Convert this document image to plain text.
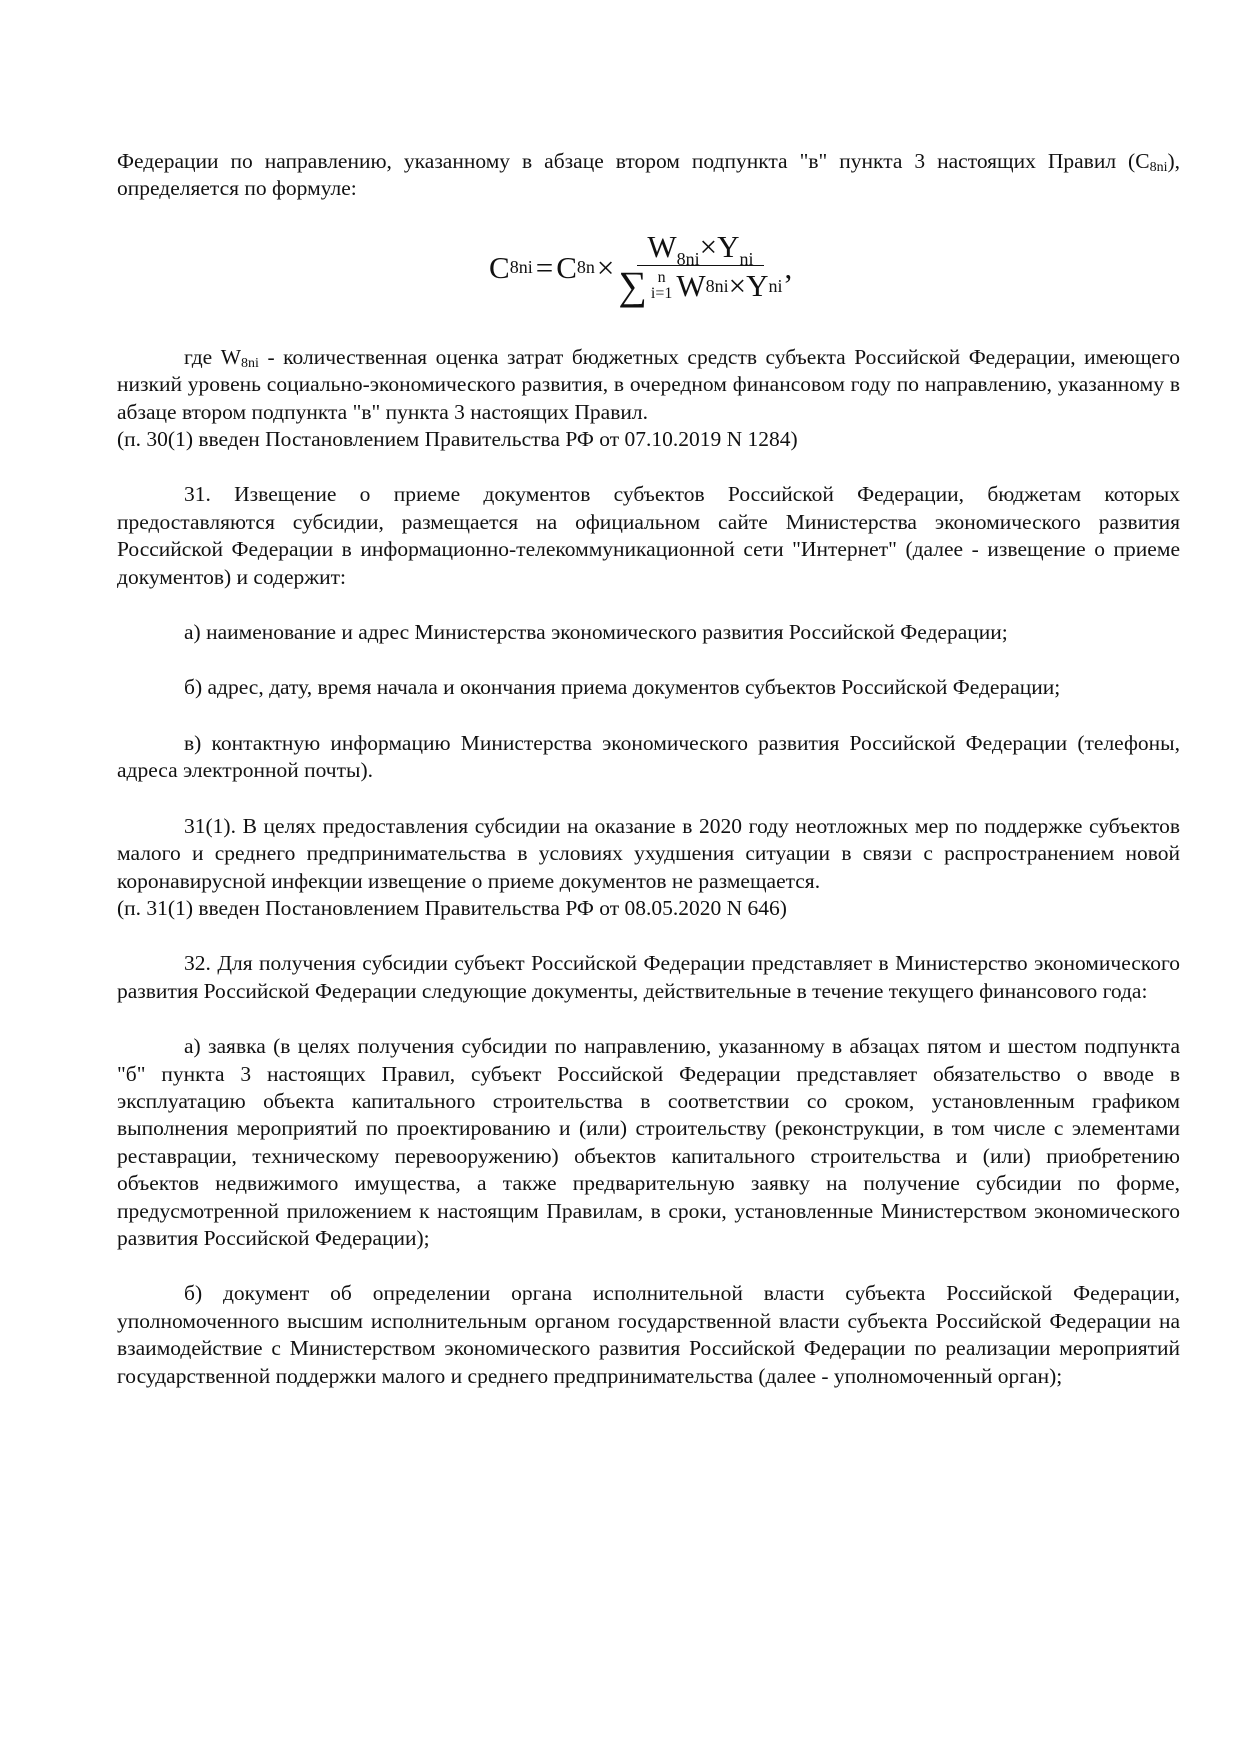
Федерации по направлению, указанному в абзаце втором подпункта "в" пункта 3 настоящих Правил $(C_{8ni})$, определяется по формуле:

C 8ni = C $8n \times W_{8ni}\times Y_{ni}$
∑ n
i=1 W 8ni × Y ni ,

где $W_{8ni}$ - количественная оценка затрат бюджетных средств субъекта Российской Федерации, имеющего низкий уровень социально-экономического развития, в очередном финансовом году по направлению, указанному в абзаце втором подпункта "в" пункта 3 настоящих Правил.

(п. 30(1) введен Постановлением Правительства РФ от 07.10.2019 N 1284)

31. Извещение о приеме документов субъектов Российской Федерации, бюджетам которых предоставляются субсидии, размещается на официальном сайте Министерства экономического развития Российской Федерации в информационно-телекоммуникационной сети "Интернет" (далее - извещение о приеме документов) и содержит:

а) наименование и адрес Министерства экономического развития Российской Федерации;

б) адрес, дату, время начала и окончания приема документов субъектов Российской Федерации;

в) контактную информацию Министерства экономического развития Российской Федерации (телефоны, адреса электронной почты).

31(1). В целях предоставления субсидии на оказание в 2020 году неотложных мер по поддержке субъектов малого и среднего предпринимательства в условиях ухудшения ситуации в связи с распространением новой коронавирусной инфекции извещение о приеме документов не размещается.

(п. 31(1) введен Постановлением Правительства РФ от 08.05.2020 N 646)

32. Для получения субсидии субъект Российской Федерации представляет в Министерство экономического развития Российской Федерации следующие документы, действительные в течение текущего финансового года:

а) заявка (в целях получения субсидии по направлению, указанному в абзацах пятом и шестом подпункта "б" пункта 3 настоящих Правил, субъект Российской Федерации представляет обязательство о вводе в эксплуатацию объекта капитального строительства в соответствии со сроком, установленным графиком выполнения мероприятий по проектированию и (или) строительству (реконструкции, в том числе с элементами реставрации, техническому перевооружению) объектов капитального строительства и (или) приобретению объектов недвижимого имущества, а также предварительную заявку на получение субсидии по форме, предусмотренной приложением к настоящим Правилам, в сроки, установленные Министерством экономического развития Российской Федерации);

б) документ об определении органа исполнительной власти субъекта Российской Федерации, уполномоченного высшим исполнительным органом государственной власти субъекта Российской Федерации на взаимодействие с Министерством экономического развития Российской Федерации по реализации мероприятий государственной поддержки малого и среднего предпринимательства (далее - уполномоченный орган);
